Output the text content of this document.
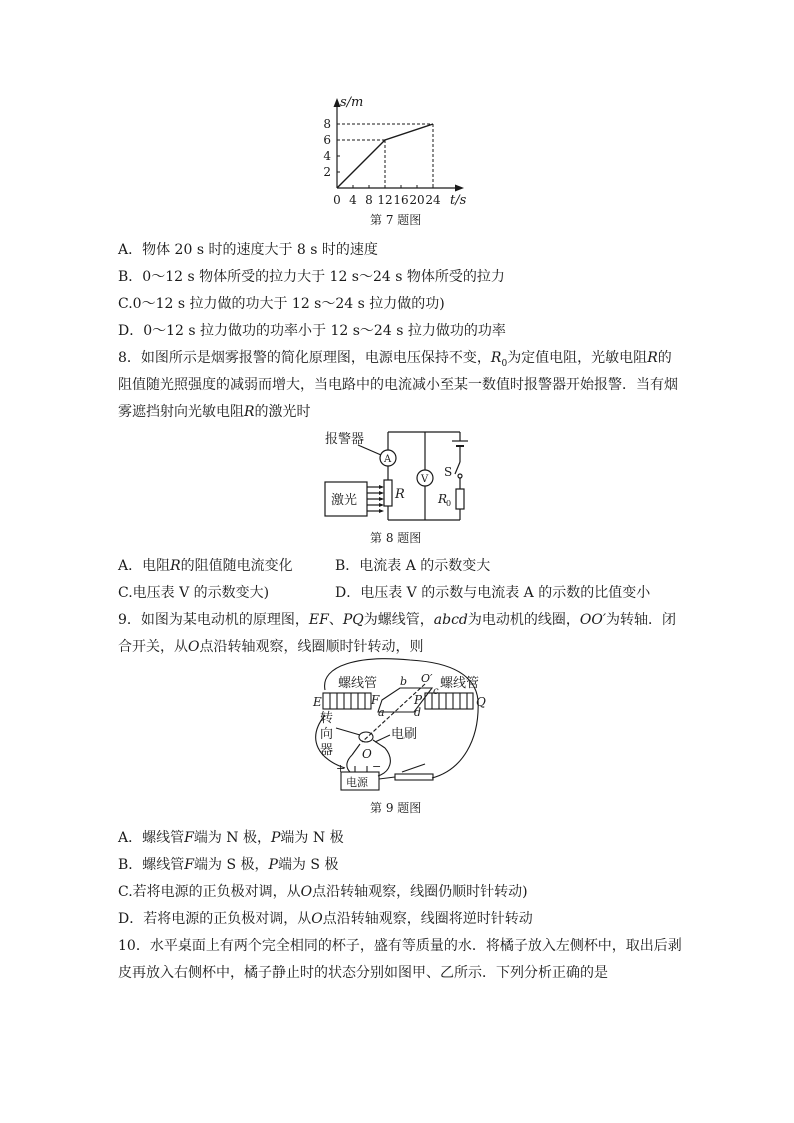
0 4 8 12 16 20 24
2
4
6
8
s/m
t/s
第 7 题图
A．物体 20 s 时的速度大于 8 s 时的速度
B．0～12 s 物体所受的拉力大于 12 s～24 s 物体所受的拉力
C.0～12 s 拉力做的功大于 12 s～24 s 拉力做的功)
D．0～12 s 拉力做功的功率小于 12 s～24 s 拉力做功的功率
8．如图所示是烟雾报警的简化原理图，电源电压保持不变，$R_0$为定值电阻，光敏电阻R的
阻值随光照强度的减弱而增大，当电路中的电流减小至某一数值时报警器开始报警．当有烟
雾遮挡射向光敏电阻R的激光时
报警器
A
V
激光	R
S
R
0
第 8 题图
A．电阻R的阻值随电流变化	B．电流表 A 的示数变大
C.电压表 V 的示数变大)	D．电压表 V 的示数与电流表 A 的示数的比值变小
9．如图为某电动机的原理图，EF、PQ为螺线管，abcd为电动机的线圈，OO′为转轴．闭
合开关，从O点沿转轴观察，线圈顺时针转动，则
螺线管	螺线管
E	F	P	Q
a
b
c
d
O′
O
转
向
器
电刷
电源
+ −
第 9 题图
A．螺线管F端为 N 极，P端为 N 极
B．螺线管F端为 S 极，P端为 S 极
C.若将电源的正负极对调，从O点沿转轴观察，线圈仍顺时针转动)
D．若将电源的正负极对调，从O点沿转轴观察，线圈将逆时针转动
10．水平桌面上有两个完全相同的杯子，盛有等质量的水．将橘子放入左侧杯中，取出后剥
皮再放入右侧杯中，橘子静止时的状态分别如图甲、乙所示．下列分析正确的是
